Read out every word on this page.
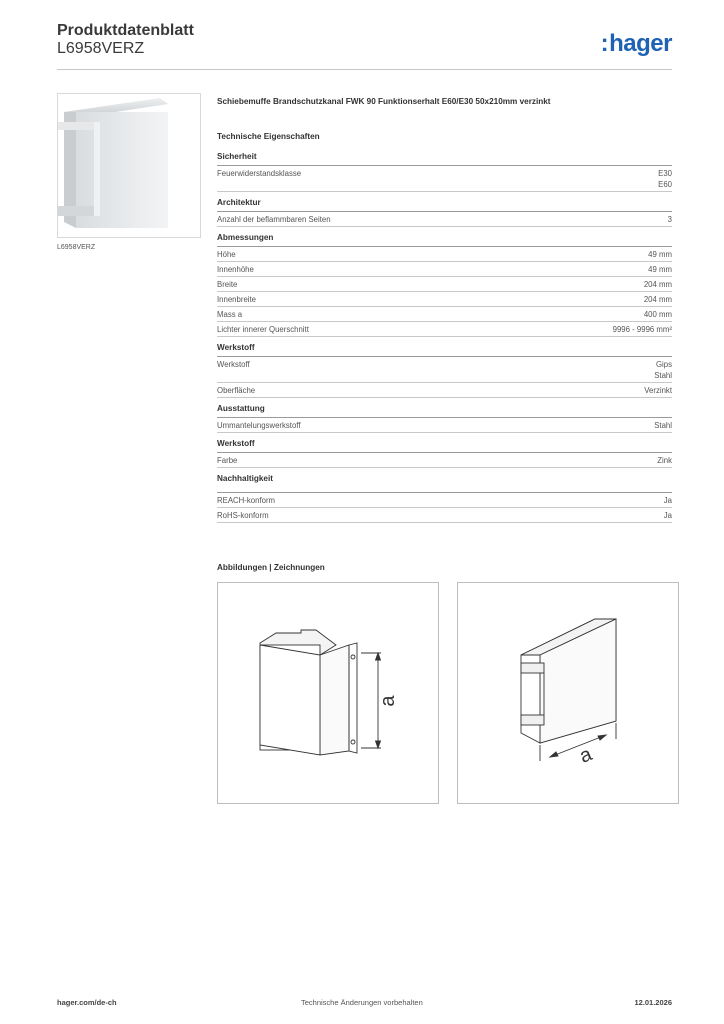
Produktdatenblatt
L6958VERZ	:hager
L6958VERZ
Schiebemuffe Brandschutzkanal FWK 90 Funktionserhalt E60/E30 50x210mm verzinkt
Technische Eigenschaften
Sicherheit
Feuerwiderstandsklasse	E30
E60
Architektur
Anzahl der beflammbaren Seiten	3
Abmessungen
Höhe	49 mm
Innenhöhe	49 mm
Breite	204 mm
Innenbreite	204 mm
Mass a	400 mm
Lichter innerer Querschnitt	9996 - 9996 mm²
Werkstoff
Werkstoff	Gips
Stahl
Oberfläche	Verzinkt
Ausstattung
Ummantelungswerkstoff	Stahl
Werkstoff
Farbe	Zink
Nachhaltigkeit
REACH-konform	Ja
RoHS-konform	Ja
Abbildungen | Zeichnungen
a
a
hager.com/de-ch	Technische Änderungen vorbehalten	12.01.2026
